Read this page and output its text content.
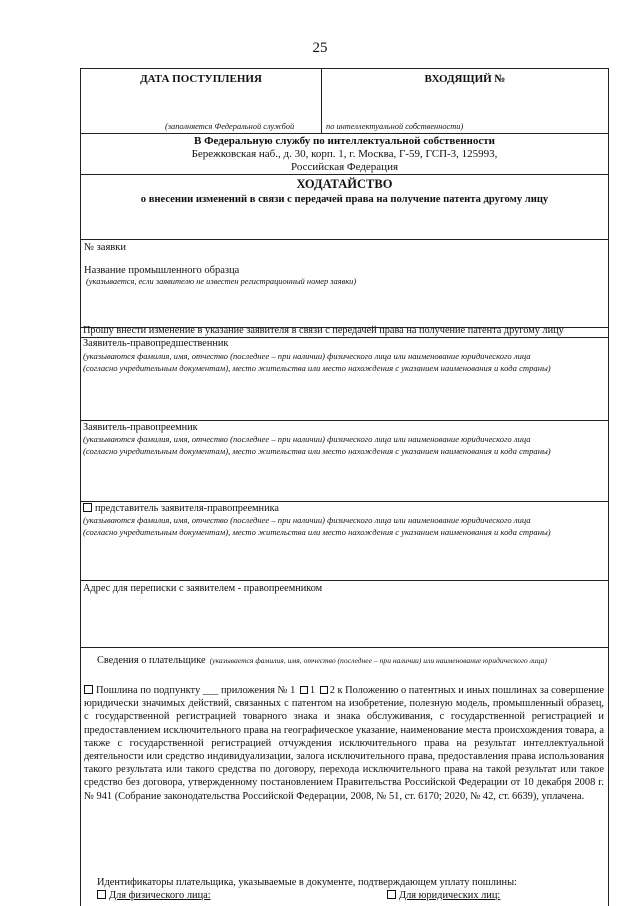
25
ДАТА ПОСТУПЛЕНИЯ	ВХОДЯЩИЙ №
(заполняется Федеральной службой	по интеллектуальной собственности)
В Федеральную службу по интеллектуальной собственности
Бережковская наб., д. 30, корп. 1, г. Москва, Г-59, ГСП-3, 125993,
Российская Федерация
ХОДАТАЙСТВО
о внесении изменений в связи с передачей права на получение патента другому лицу
№ заявки
Название промышленного образца
(указывается, если заявителю не известен регистрационный номер заявки)
Прошу внести изменение в указание заявителя в связи с передачей права на получение патента другому лицу
Заявитель-правопредшественник
(указываются фамилия, имя, отчество (последнее – при наличии) физического лица или наименование юридического лица
(согласно учредительным документам), место жительства или место нахождения с указанием наименования и кода страны)
Заявитель-правопреемник
(указываются фамилия, имя, отчество (последнее – при наличии) физического лица или наименование юридического лица
(согласно учредительным документам), место жительства или место нахождения с указанием наименования и кода страны)
представитель заявителя-правопреемника
(указываются фамилия, имя, отчество (последнее – при наличии) физического лица или наименование юридического лица
(согласно учредительным документам), место жительства или место нахождения с указанием наименования и кода страны)
Адрес для переписки с заявителем - правопреемником
Сведения о плательщике (указывается фамилия, имя, отчество (последнее – при наличии) или наименование юридического лица)
Пошлина по подпункту ___ приложения № 1 1 2 к Положению о патентных и иных пошлинах за совершение юридически значимых действий, связанных с патентом на изобретение, полезную модель, промышленный образец, с государственной регистрацией товарного знака и знака обслуживания, с государственной регистрацией и предоставлением исключительного права на географическое указание, наименование места происхождения товара, а также с государственной регистрацией отчуждения исключительного права на результат интеллектуальной деятельности или средство индивидуализации, залога исключительного права, предоставления права использования такого результата или такого средства по договору, перехода исключительного права на такой результат или такое средство без договора, утвержденному постановлением Правительства Российской Федерации от 10 декабря 2008 г.№ 941 (Собрание законодательства Российской Федерации, 2008, № 51, ст. 6170; 2020, № 42, ст. 6639), уплачена.
Идентификаторы плательщика, указываемые в документе, подтверждающем уплату пошлины:
Для физического лица:	Для юридических лиц:
